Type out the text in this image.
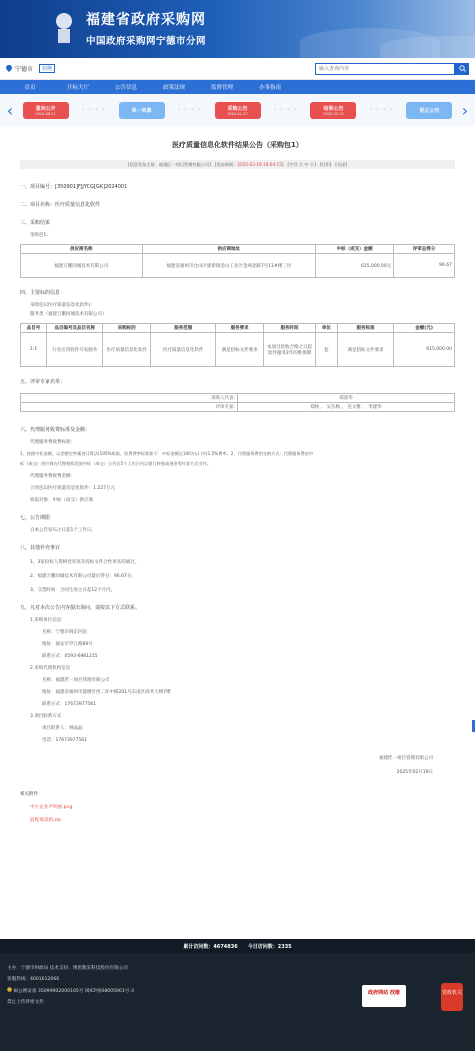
福建省政府采购网
中国政府采购网宁德市分网
宁德市	切换
输入查询内容
首页	开标大厅	公告信息	政策法规	监督管理	办事指南
‹	意向公开
2024-08-21
• • • •	单一来源	• • • •	采购公告
2024-01-27
• • • •	结果公告
2025-02-19
• • • •	更正公告	›
医疗质量信息化软件结果公告（采购包1）
[信息发布主体：福建匠一项目管理有限公司] [发布时间：2025-02-19 18:04:15] [字号 大 中 小] [打印] [关闭]
一、项目编号：[350901]FJJYCG[GK]2024001
二、项目名称：医疗质量信息化软件
三、采购结果
采购包1:
供应商名称	供应商地址	中标（成交）金额	评审总得分
福建万鹏同城技术有限公司	福建省福州市仓山区建新镇金山工业区金洲北路7号11#楼三层	615,000.00元	96.67
四、主要标的信息
采购包1(医疗质量信息化软件):
服务类（福建万鹏同城技术有限公司）
品目号	品目编号及品目名称	采购标的	服务范围	服务要求	服务时间	单位	服务标准	金额(元)
1-1	行业应用软件开发服务	医疗质量信息化软件	医疗质量信息化软件	满足招标文件要求	本项目验收合格之日起软件服务2年的维保期	套	满足招标文件要求	615,000.00
五、评审专家名单：
采购人代表:	郑富华
评审专家:	郑杨 、 吴丛梅 、 连文雅 、 李建华
六、代理服务收费标准及金额：
代理服务费收费标准:
1、按照中标金额，以差额定率累进计算法(105%收取，收费费率标准如下：中标金额在100万以下的1.5%费率。2、代理服务费的交纳方式：代理服务费由中
标（成交）供应商在代理机构发放中标（成交）公告后5个工作日内以银行转账或现金等付款方式支付。
代理服务费收费金额:
合同包1(医疗质量信息化软件：1.227万元
收取对象：中标（成交）供应商
七、公告期限
自本公告发布之日起1个工作日。
八、其他补充事宜
1、3家投标人资格性审查及投标文件合性审查均通过。
2、福建万鹏同城技术有限公司最后得分：96.67分。
3、交货时间：合同生效之日起12个月内。
九、凡对本次公告内容提出询问，请按以下方式联系。
1.采购单位信息
名称：宁德市闽东医院
地址：福安市罗江路89号
联系方式：0593-6981215
2.采购代理机构信息
名称：福建匠一项目管理有限公司
地址：福建省福州市鼓楼区西二环中路201号东南区商务大楼7楼
联系方式：17673977561
3.项目联系方式
项目联系人：林晶晶
电话：17673977561
福建匠一项目管理有限公司
2025年02月19日
相关附件：
中小企业声明函.png
前程承诺函.zip
累计访问数：4674836 今日访问数：2335
主办：宁德市财政局 技术支持：博思数采科技股份有限公司
客服热线：4001612666
闽公网安备 35099902000105号 闽ICP备08005901号-3
禁止上传涉密文件
政府网站 找错	党政机关
